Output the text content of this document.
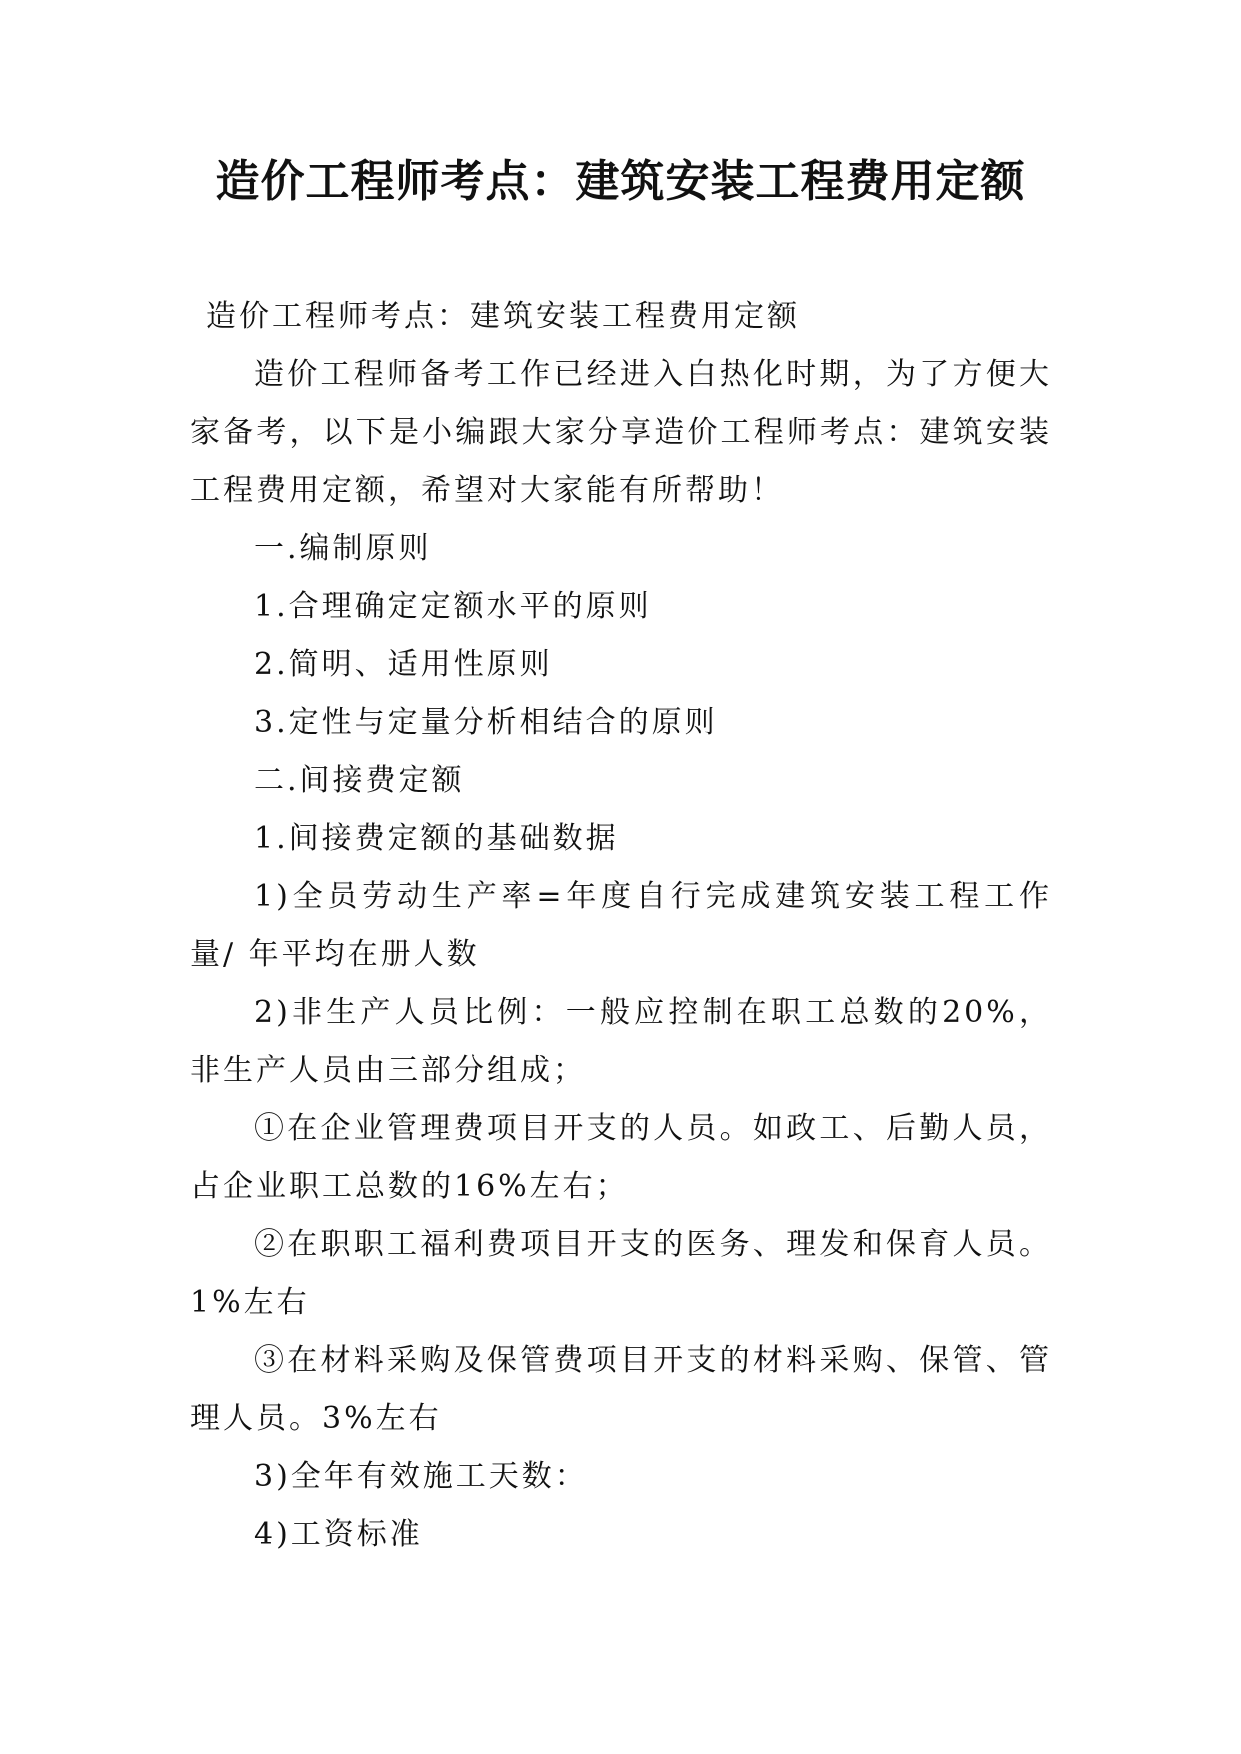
造价工程师考点：建筑安装工程费用定额

造价工程师考点：建筑安装工程费用定额

造价工程师备考工作已经进入白热化时期，为了方便大家备考，以下是小编跟大家分享造价工程师考点：建筑安装工程费用定额，希望对大家能有所帮助！

一.编制原则

1.合理确定定额水平的原则

2.简明、适用性原则

3.定性与定量分析相结合的原则

二.间接费定额

1.间接费定额的基础数据

1)全员劳动生产率=年度自行完成建筑安装工程工作量/ 年平均在册人数

2)非生产人员比例：一般应控制在职工总数的20%，非生产人员由三部分组成；

①在企业管理费项目开支的人员。如政工、后勤人员，占企业职工总数的16%左右；

②在职职工福利费项目开支的医务、理发和保育人员。1%左右

③在材料采购及保管费项目开支的材料采购、保管、管理人员。3%左右

3)全年有效施工天数：

4)工资标准
